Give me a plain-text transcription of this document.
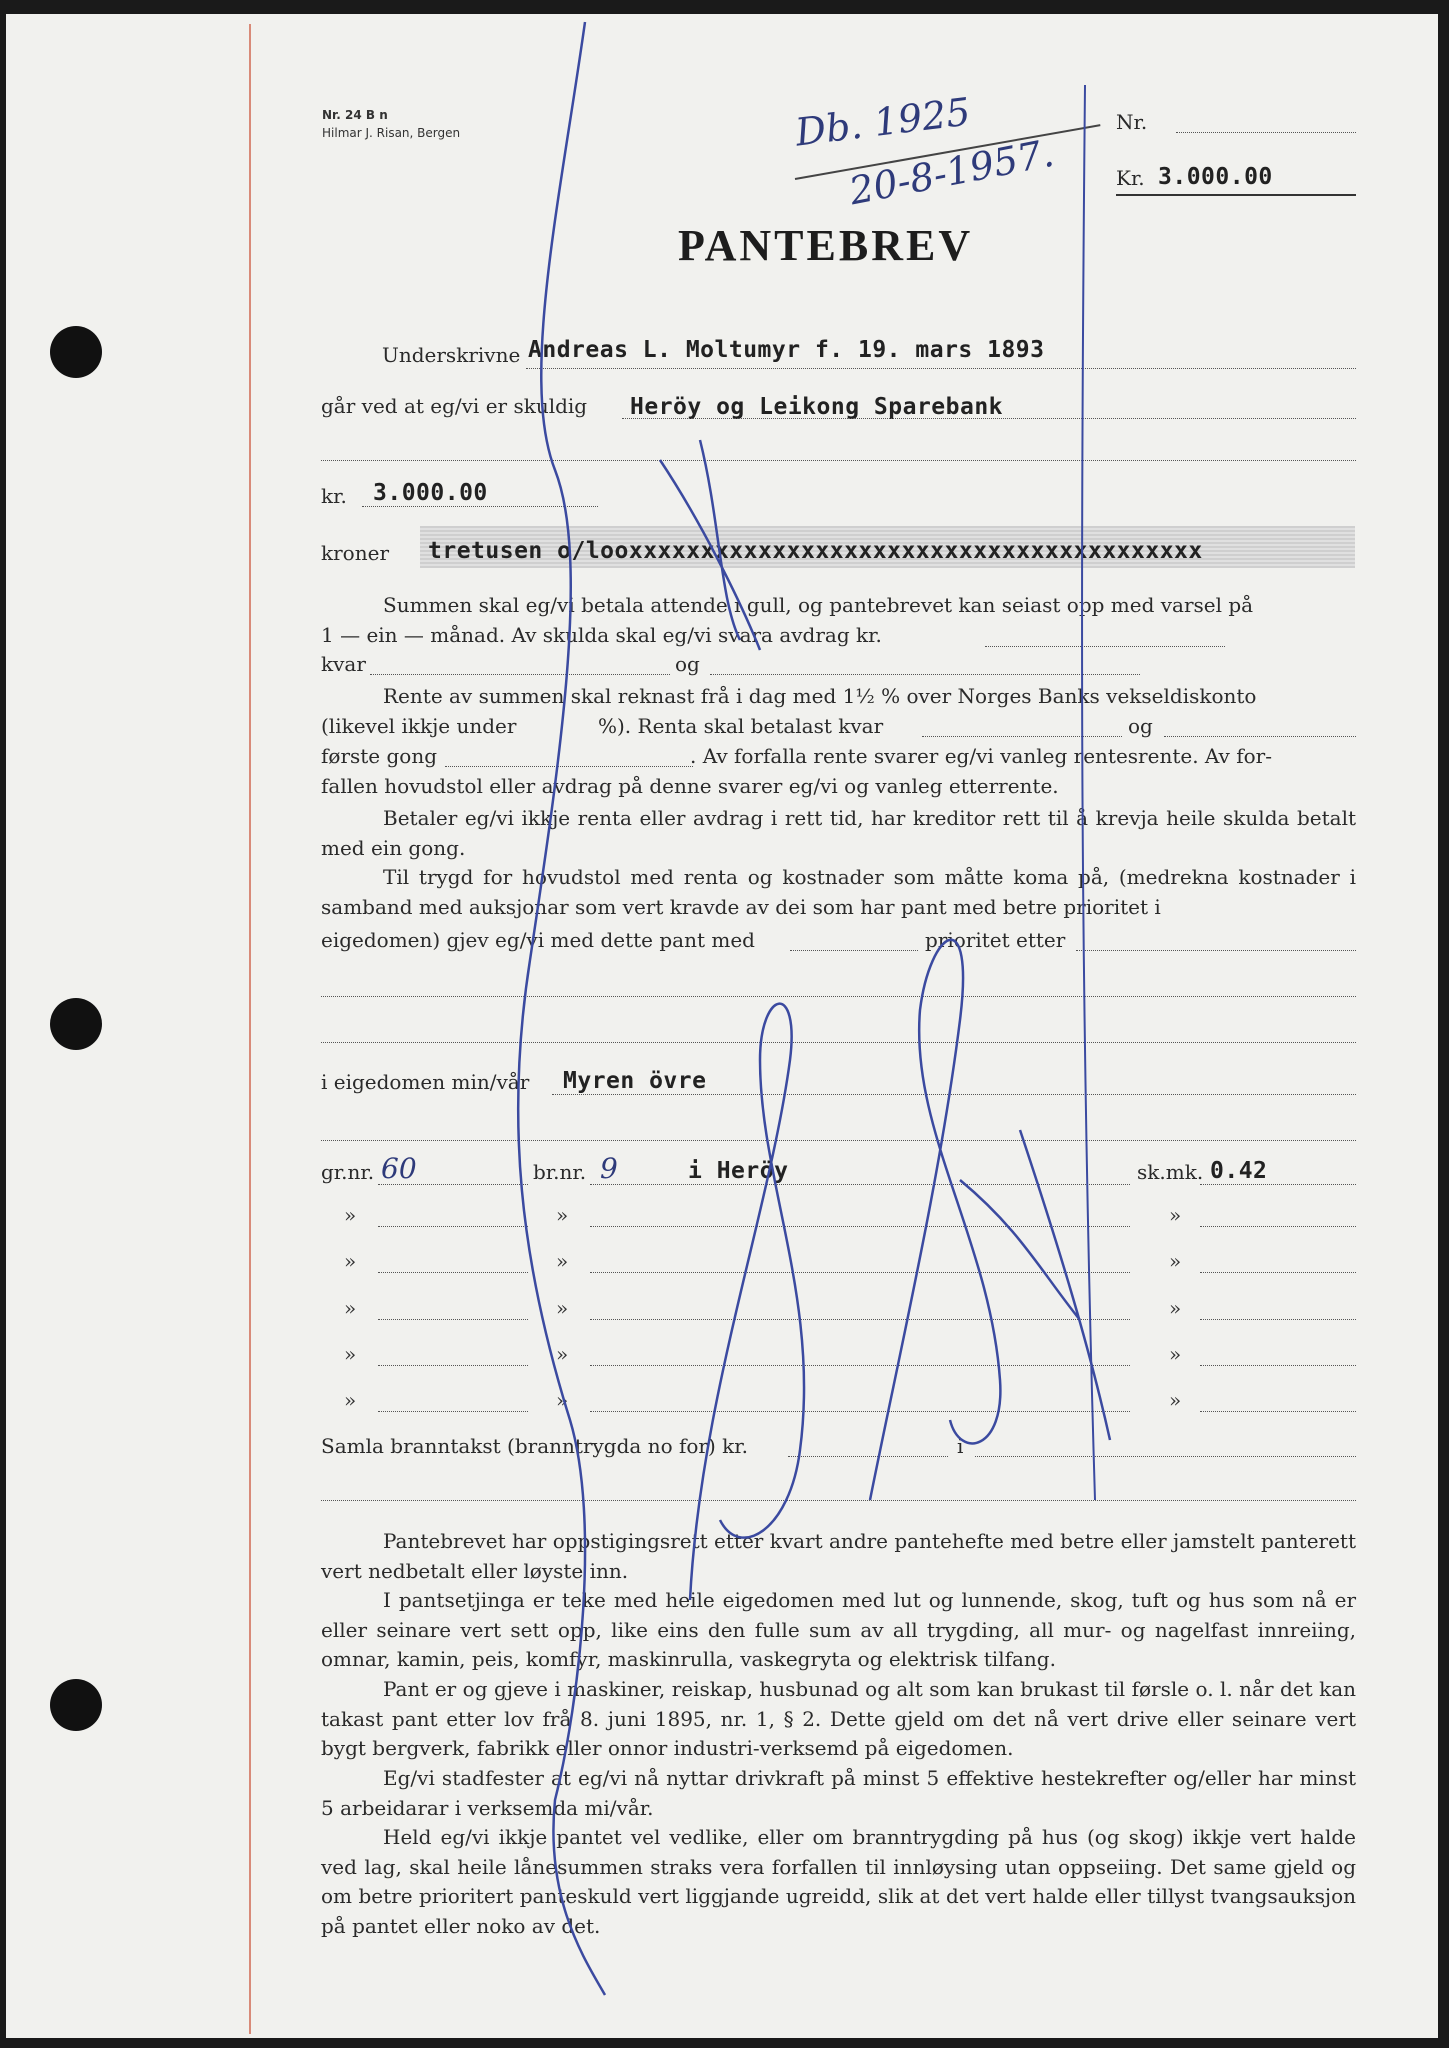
Nr. 24 B n
Hilmar J. Risan, Bergen	Db. 1925
20-8-1957.
Nr.
Kr. 3.000.00
PANTEBREV
Underskrivne Andreas L. Moltumyr f. 19. mars 1893
går ved at eg/vi er skuldig Heröy og Leikong Sparebank
kr. 3.000.00
kroner tretusen o/looxxxxxxxxxxxxxxxxxxxxxxxxxxxxxxxxxxxxxxxx
Summen skal eg/vi betala attende i gull, og pantebrevet kan seiast opp med varsel på
1 — ein — månad. Av skulda skal eg/vi svara avdrag kr.
kvar	og
Rente av summen skal reknast frå i dag med 1½ % over Norges Banks vekseldiskonto
(likevel ikkje under	%). Renta skal betalast kvar	og
første gong	. Av forfalla rente svarer eg/vi vanleg rentesrente. Av for-
fallen hovudstol eller avdrag på denne svarer eg/vi og vanleg etterrente.

Betaler eg/vi ikkje renta eller avdrag i rett tid, har kreditor rett til å krevja heile skulda betalt med ein gong.

Til trygd for hovudstol med renta og kostnader som måtte koma på, (medrekna kostnader i samband med auksjonar som vert kravde av dei som har pant med betre prioritet i

eigedomen) gjev eg/vi med dette pant med	prioritet etter
i eigedomen min/vår Myren övre
gr.nr. 60	br.nr. 9	i Heröy	sk.mk. 0.42
»	»	»
»	»	»
»	»	»
»	»	»
»	»	»
Samla branntakst (branntrygda no for) kr.	i

Pantebrevet har oppstigingsrett etter kvart andre pantehefte med betre eller jamstelt panterett vert nedbetalt eller løyste inn.

I pantsetjinga er teke med heile eigedomen med lut og lunnende, skog, tuft og hus som nå er eller seinare vert sett opp, like eins den fulle sum av all trygding, all mur- og nagelfast innreiing, omnar, kamin, peis, komfyr, maskinrulla, vaskegryta og elektrisk tilfang.

Pant er og gjeve i maskiner, reiskap, husbunad og alt som kan brukast til førsle o. l. når det kan takast pant etter lov frå 8. juni 1895, nr. 1, § 2. Dette gjeld om det nå vert drive eller seinare vert bygt bergverk, fabrikk eller onnor industri-verksemd på eigedomen.

Eg/vi stadfester at eg/vi nå nyttar drivkraft på minst 5 effektive hestekrefter og/eller har minst 5 arbeidarar i verksemda mi/vår.

Held eg/vi ikkje pantet vel vedlike, eller om branntrygding på hus (og skog) ikkje vert halde ved lag, skal heile lånesummen straks vera forfallen til innløysing utan oppseiing. Det same gjeld og om betre prioritert panteskuld vert liggjande ugreidd, slik at det vert halde eller tillyst tvangsauksjon på pantet eller noko av det.
